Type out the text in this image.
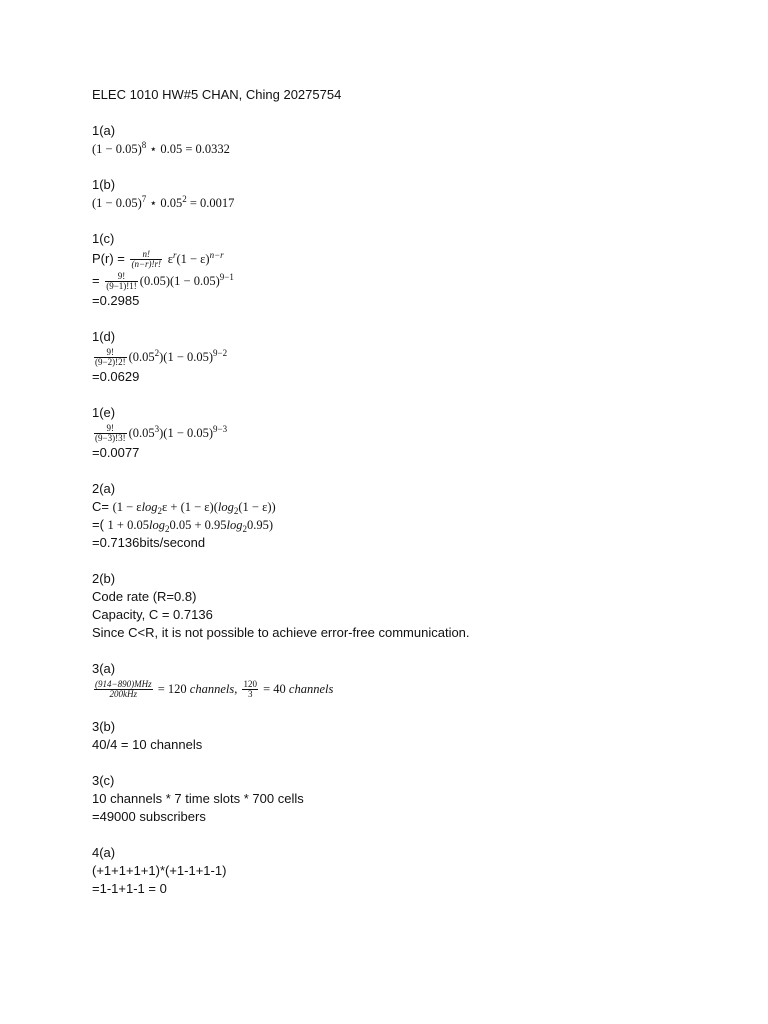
ELEC 1010 HW#5 CHAN, Ching 20275754
1(a)
$(1 - 0.05)^8$ ⋆ 0.05 = 0.0332
1(b)
$(1 - 0.05)^7$ ⋆ $0.05^2 = 0.0017$
1(c)
$P(r) = \frac{n!}{(n-r)!r!} \varepsilon^r(1 - \varepsilon)^{n-r}$
= $\frac{9!}{(9-1)!1!} (0.05)(1 - 0.05)^{9-1}$
=0.2985
1(d)
$\frac{9!}{(9-2)!2!} (0.05^2)(1 - 0.05)^{9-2}$
=0.0629
1(e)
$\frac{9!}{(9-3)!3!} (0.05^3)(1 - 0.05)^{9-3}$
=0.0077
2(a)
$C= (1 - \varepsilon\log_2\varepsilon + (1 - \varepsilon)(\log_2(1 - \varepsilon))$
=( $1 + 0.05\log_20.05 + 0.95\log_20.95$)
=0.7136bits/second
2(b)
Code rate (R=0.8)
Capacity, C = 0.7136
Since C<R, it is not possible to achieve error-free communication.
3(a)
$\frac{\text{(914−890)MHz}}{\text{200kHz}} = 120$ channels, $\frac{120}{3} = 40$ channels
3(b)
40/4 = 10 channels
3(c)
10 channels * 7 time slots * 700 cells
=49000 subscribers
4(a)
(+1+1+1+1)*(+1-1+1-1)
=1-1+1-1 = 0
